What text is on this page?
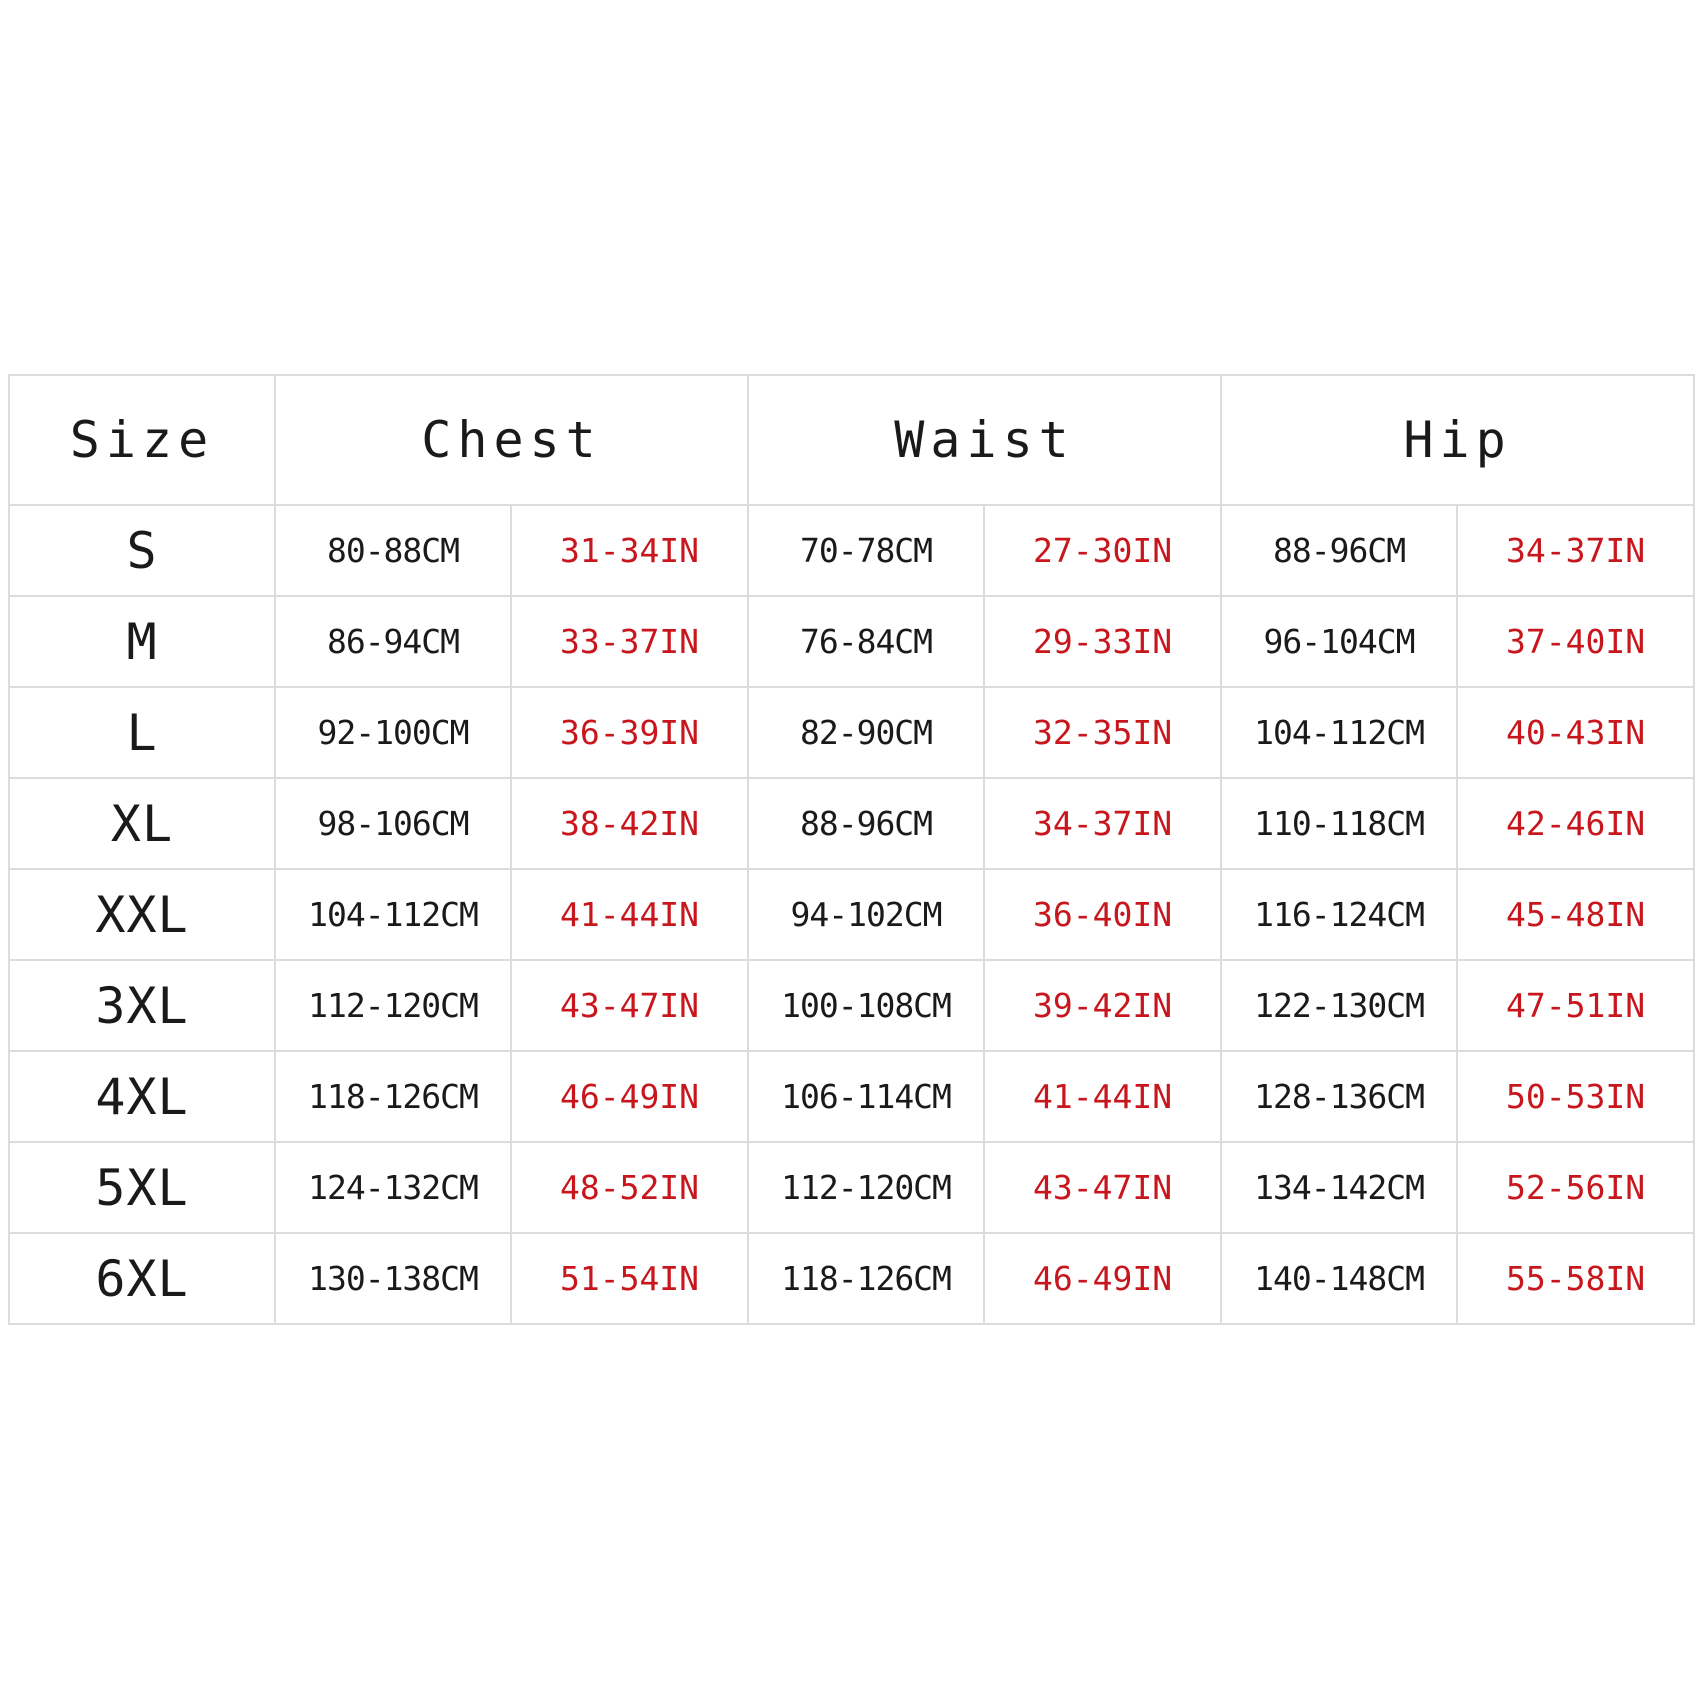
Size	Chest		Waist		Hip	
S	80-88CM	31-34IN	70-78CM	27-30IN	88-96CM	34-37IN
M	86-94CM	33-37IN	76-84CM	29-33IN	96-104CM	37-40IN
L	92-100CM	36-39IN	82-90CM	32-35IN	104-112CM	40-43IN
XL	98-106CM	38-42IN	88-96CM	34-37IN	110-118CM	42-46IN
XXL	104-112CM	41-44IN	94-102CM	36-40IN	116-124CM	45-48IN
3XL	112-120CM	43-47IN	100-108CM	39-42IN	122-130CM	47-51IN
4XL	118-126CM	46-49IN	106-114CM	41-44IN	128-136CM	50-53IN
5XL	124-132CM	48-52IN	112-120CM	43-47IN	134-142CM	52-56IN
6XL	130-138CM	51-54IN	118-126CM	46-49IN	140-148CM	55-58IN
